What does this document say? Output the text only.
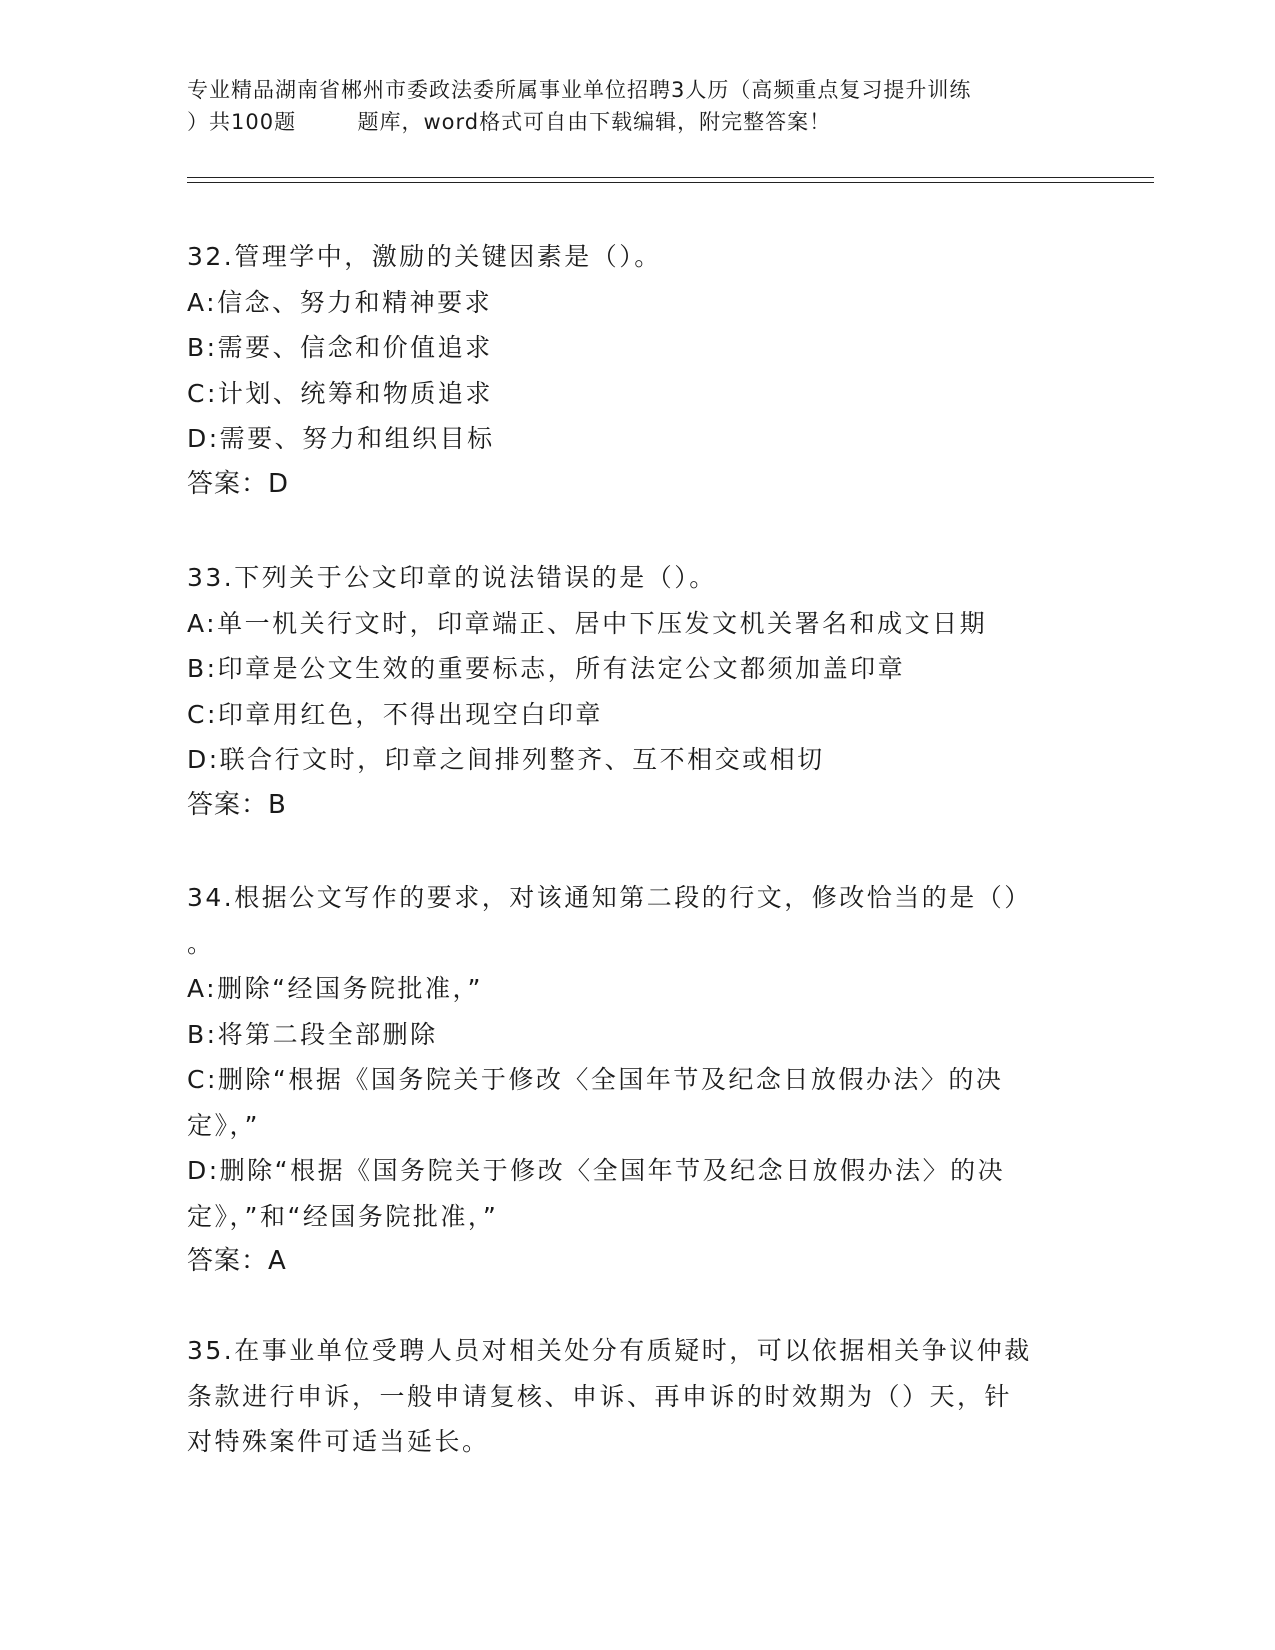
专业精品湖南省郴州市委政法委所属事业单位招聘3人历（高频重点复习提升训练
）共100题        题库，word格式可自由下载编辑，附完整答案！
32.管理学中，激励的关键因素是（）。
A:信念、努力和精神要求
B:需要、信念和价值追求
C:计划、统筹和物质追求
D:需要、努力和组织目标
答案：D
33.下列关于公文印章的说法错误的是（）。
A:单一机关行文时，印章端正、居中下压发文机关署名和成文日期
B:印章是公文生效的重要标志，所有法定公文都须加盖印章
C:印章用红色，不得出现空白印章
D:联合行文时，印章之间排列整齐、互不相交或相切
答案：B
34.根据公文写作的要求，对该通知第二段的行文，修改恰当的是（）
。
A:删除“经国务院批准，”
B:将第二段全部删除
C:删除“根据《国务院关于修改〈全国年节及纪念日放假办法〉的决
定》，”
D:删除“根据《国务院关于修改〈全国年节及纪念日放假办法〉的决
定》，”和“经国务院批准，”
答案：A
35.在事业单位受聘人员对相关处分有质疑时，可以依据相关争议仲裁
条款进行申诉，一般申请复核、申诉、再申诉的时效期为（）天，针
对特殊案件可适当延长。
